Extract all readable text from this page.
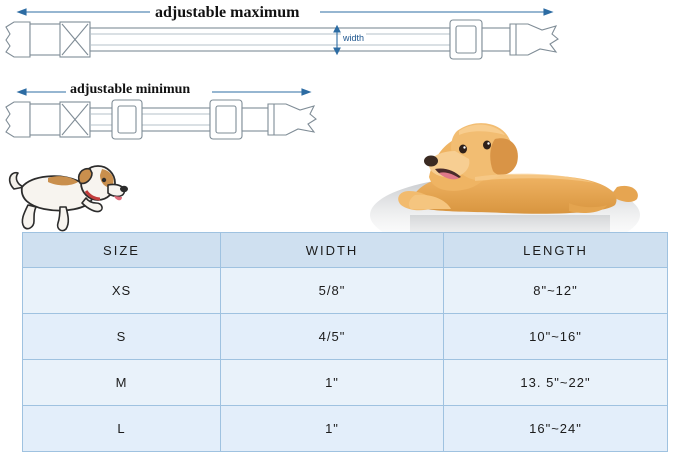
adjustable maximum
adjustable minimun
width
SIZE	WIDTH	LENGTH
XS	5/8"	8"~12"
S	4/5"	10"~16"
M	1"	13. 5"~22"
L	1"	16"~24"
